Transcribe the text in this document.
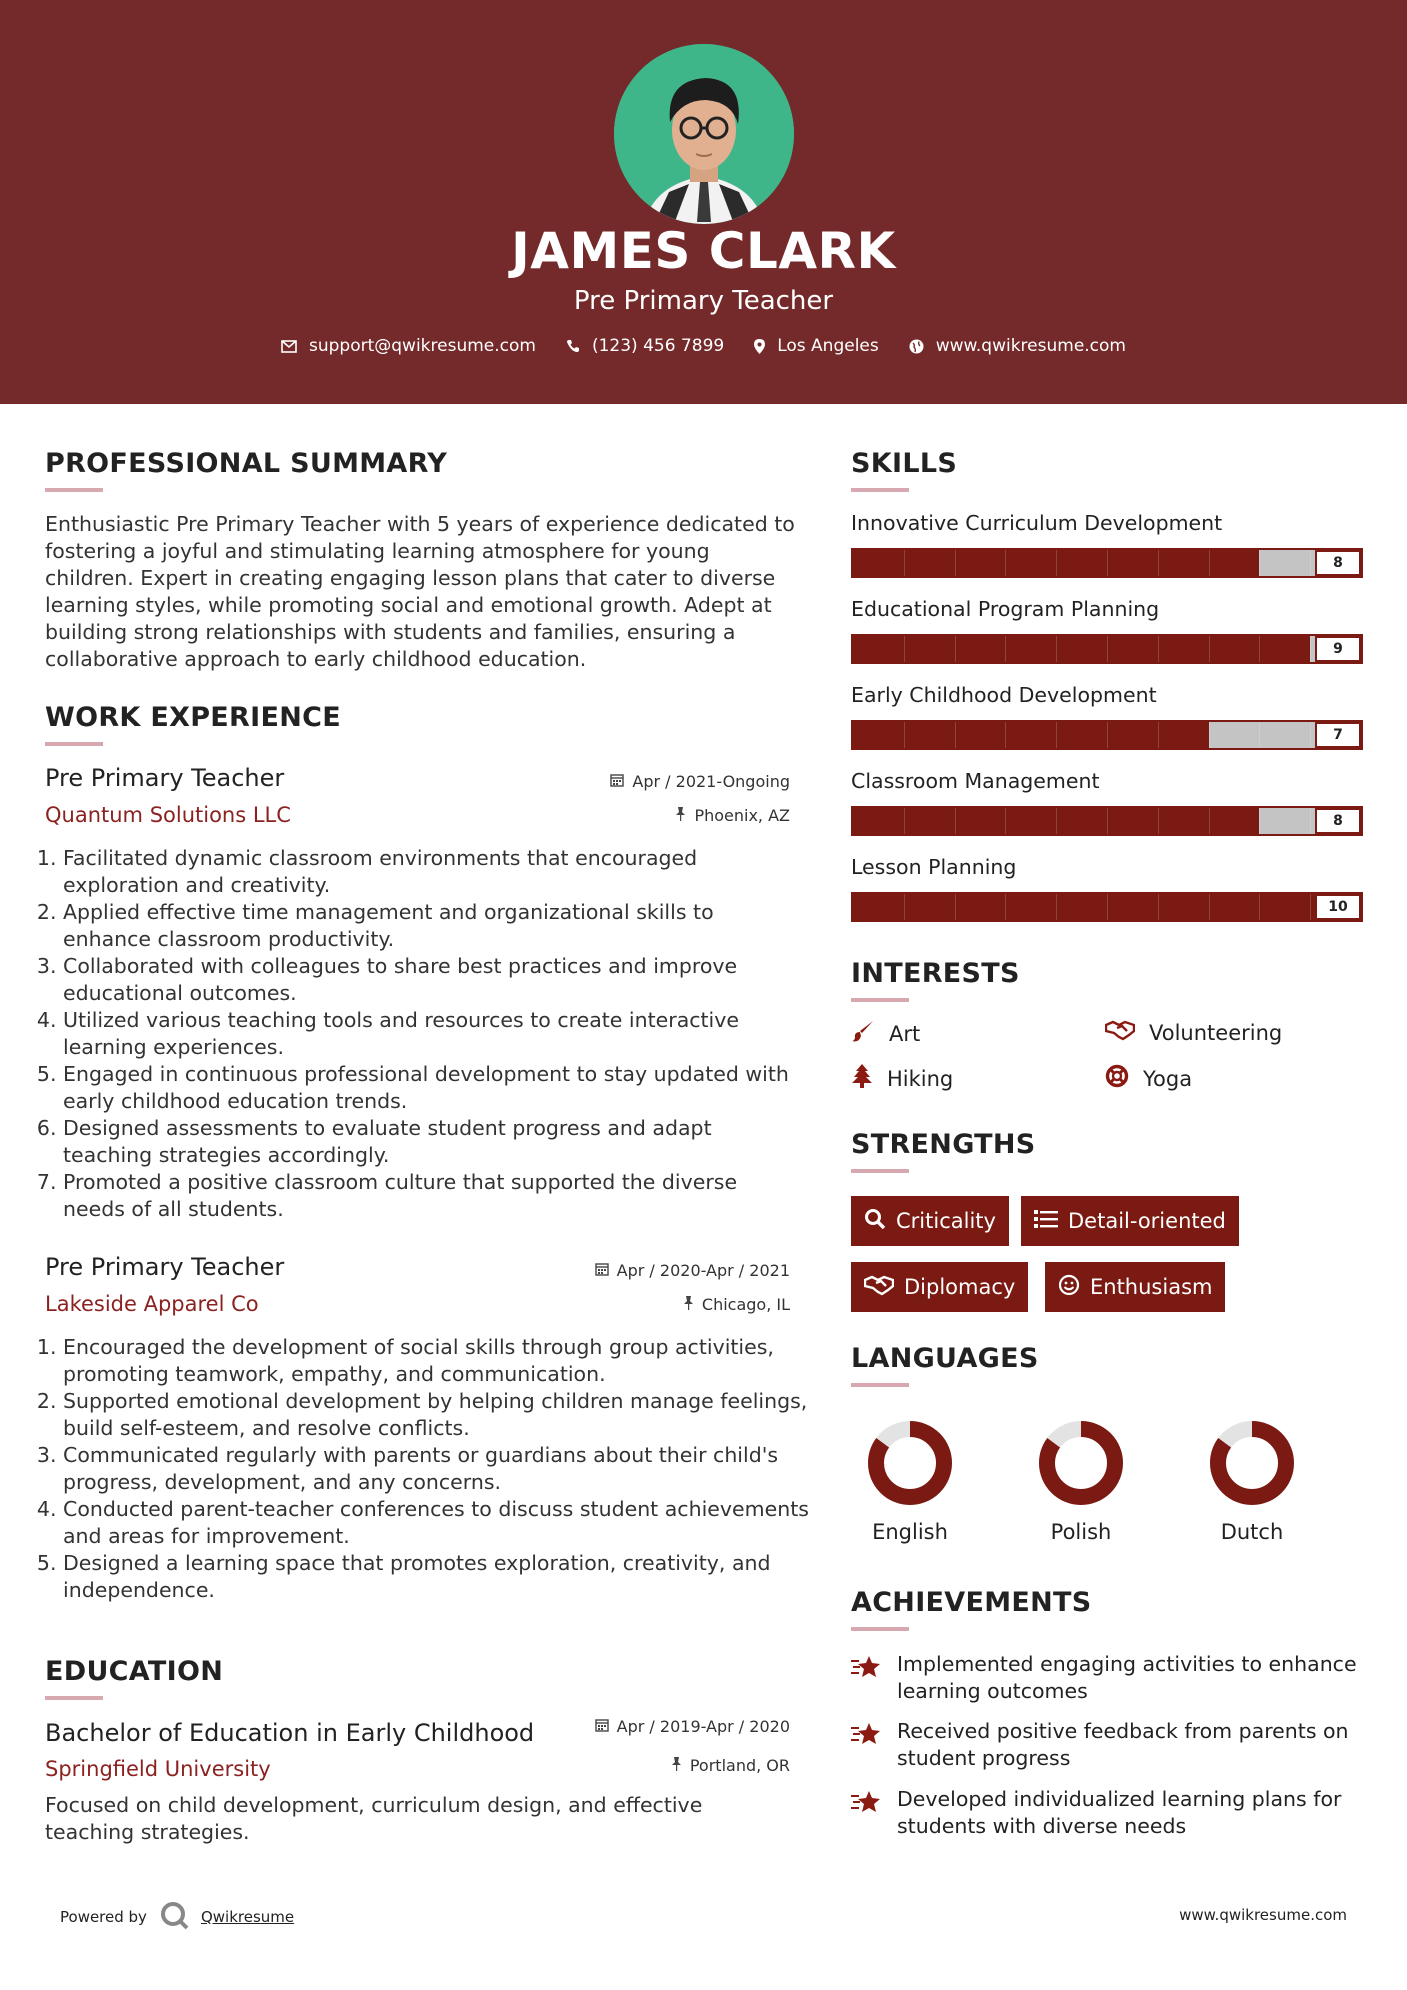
JAMES CLARK
Pre Primary Teacher
support@qwikresume.com	(123) 456 7899	Los Angeles	www.qwikresume.com
PROFESSIONAL SUMMARY
Enthusiastic Pre Primary Teacher with 5 years of experience dedicated to fostering a joyful and stimulating learning atmosphere for young children. Expert in creating engaging lesson plans that cater to diverse learning styles, while promoting social and emotional growth. Adept at building strong relationships with students and families, ensuring a collaborative approach to early childhood education.
WORK EXPERIENCE
Pre Primary Teacher	Apr / 2021-Ongoing
Quantum Solutions LLC	Phoenix, AZ
1. Facilitated dynamic classroom environments that encouraged exploration and creativity.
2. Applied effective time management and organizational skills to enhance classroom productivity.
3. Collaborated with colleagues to share best practices and improve educational outcomes.
4. Utilized various teaching tools and resources to create interactive learning experiences.
5. Engaged in continuous professional development to stay updated with early childhood education trends.
6. Designed assessments to evaluate student progress and adapt teaching strategies accordingly.
7. Promoted a positive classroom culture that supported the diverse needs of all students.
Pre Primary Teacher	Apr / 2020-Apr / 2021
Lakeside Apparel Co	Chicago, IL
1. Encouraged the development of social skills through group activities, promoting teamwork, empathy, and communication.
2. Supported emotional development by helping children manage feelings, build self-esteem, and resolve conflicts.
3. Communicated regularly with parents or guardians about their child's progress, development, and any concerns.
4. Conducted parent-teacher conferences to discuss student achievements and areas for improvement.
5. Designed a learning space that promotes exploration, creativity, and independence.
EDUCATION
Bachelor of Education in Early Childhood	Apr / 2019-Apr / 2020
Springfield University	Portland, OR
Focused on child development, curriculum design, and effective teaching strategies.
SKILLS
Innovative Curriculum Development
8
Educational Program Planning
9
Early Childhood Development
7
Classroom Management
8
Lesson Planning
10
INTERESTS
Art	Volunteering
Hiking	Yoga
STRENGTHS
Criticality	Detail-oriented
Diplomacy	Enthusiasm
LANGUAGES
English	Polish	Dutch
ACHIEVEMENTS
Implemented engaging activities to enhance learning outcomes
Received positive feedback from parents on student progress
Developed individualized learning plans for students with diverse needs
Powered by	Qwikresume	www.qwikresume.com
